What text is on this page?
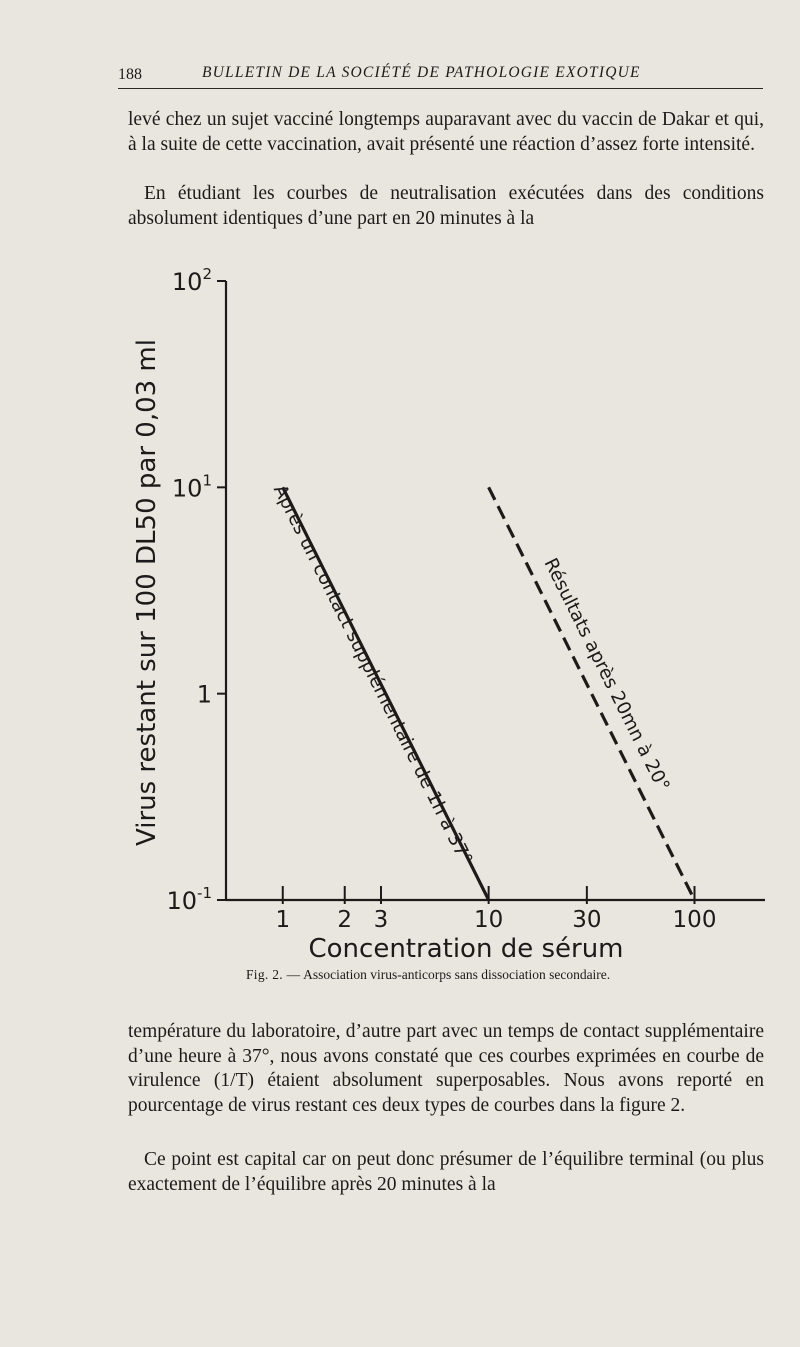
188	BULLETIN DE LA SOCIÉTÉ DE PATHOLOGIE EXOTIQUE
levé chez un sujet vacciné longtemps auparavant avec du vaccin de Dakar et qui, à la suite de cette vaccination, avait présenté une réaction d’assez forte intensité.
En étudiant les courbes de neutralisation exécutées dans des conditions absolument identiques d’une part en 20 minutes à la
$10^{-1}$
1
$10^1$
$10^2$
1 2 3	10	30	100
Après un contact supplémentaire de 1h à 37°	Résultats après 20mn à 20°
Virus restant sur 100 DL50 par 0,03 ml
Concentration de sérum
Fig. 2. — Association virus-anticorps sans dissociation secondaire.
température du laboratoire, d’autre part avec un temps de contact supplémentaire d’une heure à 37°, nous avons constaté que ces courbes exprimées en courbe de virulence (1/T) étaient absolument superposables. Nous avons reporté en pourcentage de virus restant ces deux types de courbes dans la figure 2.
Ce point est capital car on peut donc présumer de l’équilibre terminal (ou plus exactement de l’équilibre après 20 minutes à la
